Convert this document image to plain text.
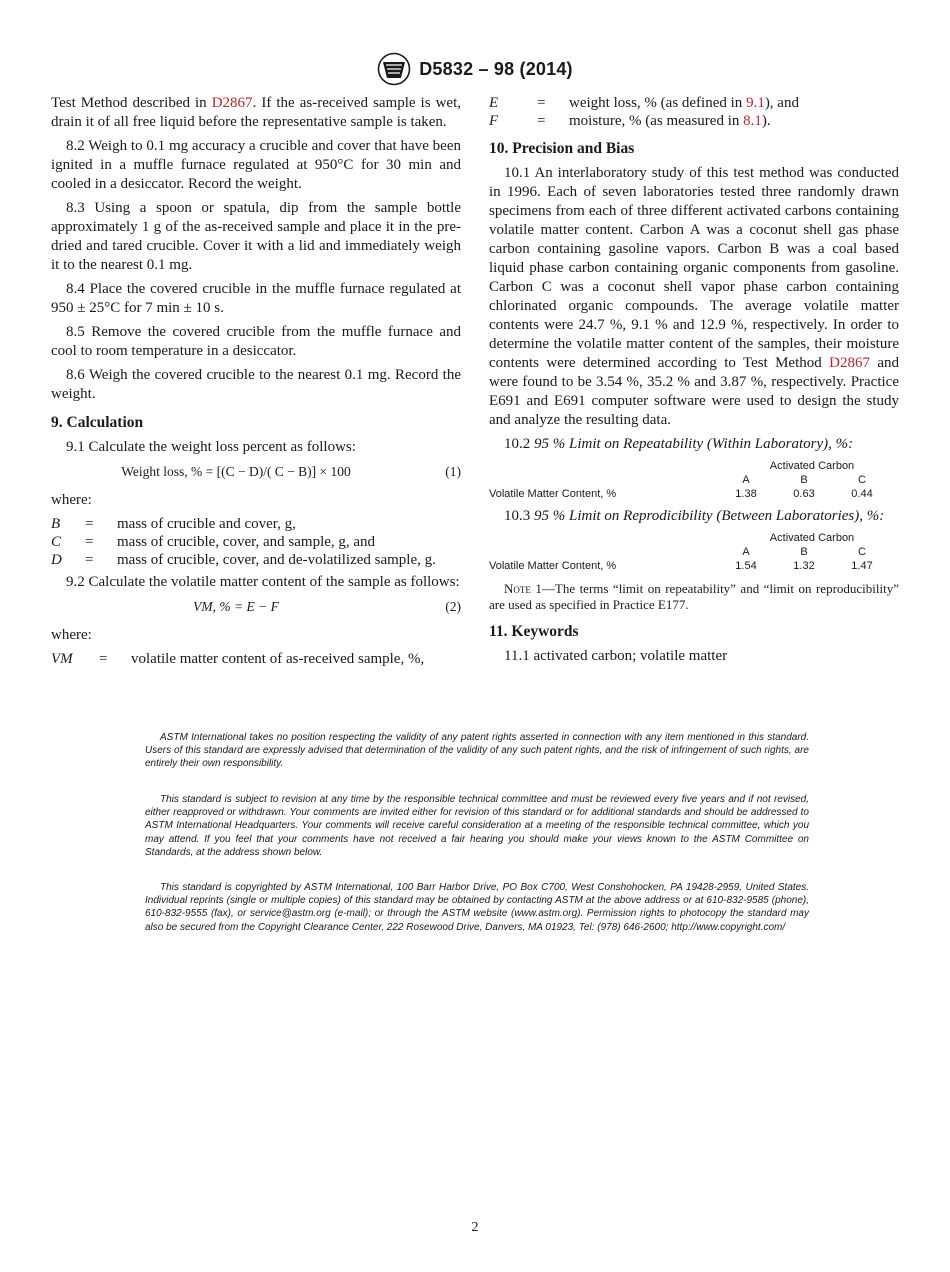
D5832 – 98 (2014)

Test Method described in D2867. If the as-received sample is wet, drain it of all free liquid before the representative sample is taken.

8.2 Weigh to 0.1 mg accuracy a crucible and cover that have been ignited in a muffle furnace regulated at 950°C for 30 min and cooled in a desiccator. Record the weight.

8.3 Using a spoon or spatula, dip from the sample bottle approximately 1 g of the as-received sample and place it in the pre-dried and tared crucible. Cover it with a lid and immediately weigh it to the nearest 0.1 mg.

8.4 Place the covered crucible in the muffle furnace regulated at 950 ± 25°C for 7 min ± 10 s.

8.5 Remove the covered crucible from the muffle furnace and cool to room temperature in a desiccator.

8.6 Weigh the covered crucible to the nearest 0.1 mg. Record the weight.

9. Calculation

9.1 Calculate the weight loss percent as follows:

Weight loss, % = [(C − D)/( C − B)] × 100	(1)

where:

B	=	mass of crucible and cover, g,
C	=	mass of crucible, cover, and sample, g, and
D	=	mass of crucible, cover, and de-volatilized sample, g.

9.2 Calculate the volatile matter content of the sample as follows:

VM, % = E − F	(2)

where:

VM	=	volatile matter content of as-received sample, %,
E	=	weight loss, % (as defined in 9.1), and
F	=	moisture, % (as measured in 8.1).
10. Precision and Bias

10.1 An interlaboratory study of this test method was conducted in 1996. Each of seven laboratories tested three randomly drawn specimens from each of three different activated carbons containing volatile matter content. Carbon A was a coconut shell gas phase carbon containing gasoline vapors. Carbon B was a coal based liquid phase carbon containing organic components from gasoline. Carbon C was a coconut shell vapor phase carbon containing chlorinated organic compounds. The average volatile matter contents were 24.7 %, 9.1 % and 12.9 %, respectively. In order to determine the volatile matter content of the samples, their moisture contents were determined according to Test Method D2867 and were found to be 3.54 %, 35.2 % and 3.87 %, respectively. Practice E691 and E691 computer software were used to design the study and analyze the resulting data.

10.2 95 % Limit on Repeatability (Within Laboratory), %:

Activated Carbon
A	B	C
Volatile Matter Content, %	1.38	0.63	0.44

10.3 95 % Limit on Reprodicibility (Between Laboratories), %:

Activated Carbon
A	B	C
Volatile Matter Content, %	1.54	1.32	1.47

Note 1—The terms “limit on repeatability” and “limit on reproducibility” are used as specified in Practice E177.

11. Keywords

11.1 activated carbon; volatile matter

ASTM International takes no position respecting the validity of any patent rights asserted in connection with any item mentioned in this standard. Users of this standard are expressly advised that determination of the validity of any such patent rights, and the risk of infringement of such rights, are entirely their own responsibility.

This standard is subject to revision at any time by the responsible technical committee and must be reviewed every five years and if not revised, either reapproved or withdrawn. Your comments are invited either for revision of this standard or for additional standards and should be addressed to ASTM International Headquarters. Your comments will receive careful consideration at a meeting of the responsible technical committee, which you may attend. If you feel that your comments have not received a fair hearing you should make your views known to the ASTM Committee on Standards, at the address shown below.

This standard is copyrighted by ASTM International, 100 Barr Harbor Drive, PO Box C700, West Conshohocken, PA 19428-2959, United States. Individual reprints (single or multiple copies) of this standard may be obtained by contacting ASTM at the above address or at 610-832-9585 (phone), 610-832-9555 (fax), or service@astm.org (e-mail); or through the ASTM website (www.astm.org). Permission rights to photocopy the standard may also be secured from the Copyright Clearance Center, 222 Rosewood Drive, Danvers, MA 01923, Tel: (978) 646-2600; http://www.copyright.com/

2
